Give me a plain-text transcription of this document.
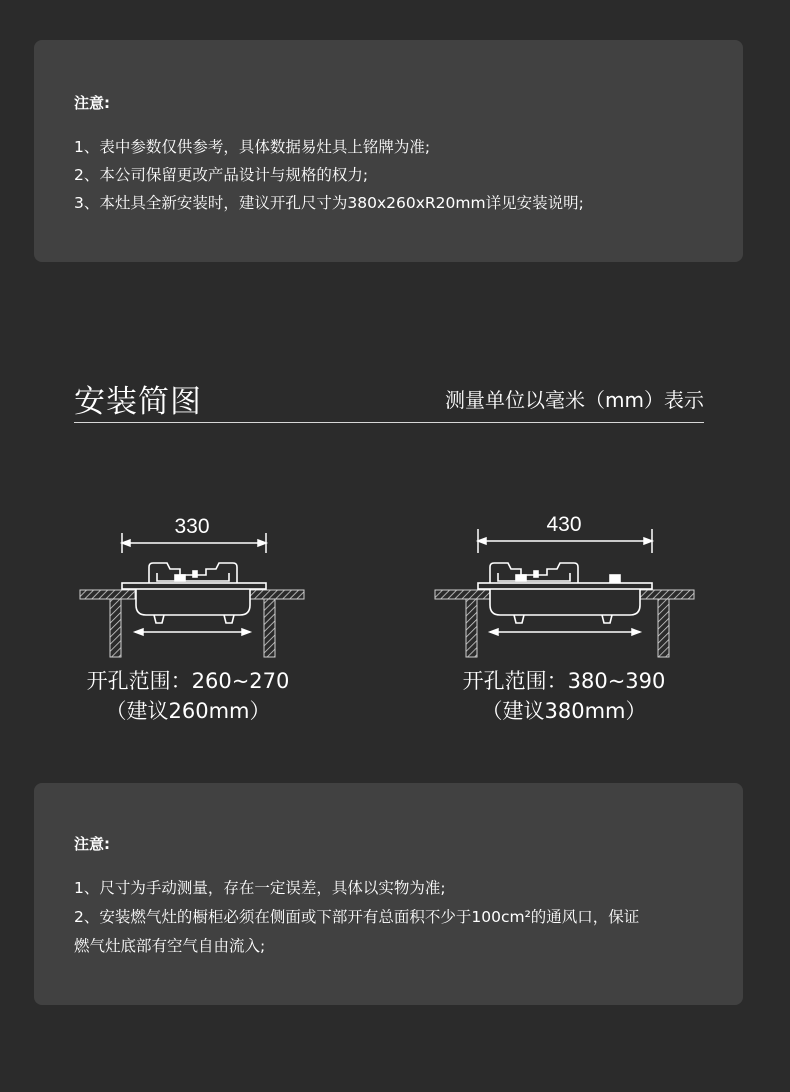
注意:

1、表中参数仅供参考，具体数据易灶具上铭牌为准;

2、本公司保留更改产品设计与规格的权力;

3、本灶具全新安装时，建议开孔尺寸为380x260xR20mm详见安装说明;

安装简图	测量单位以毫米（mm）表示
330	430
开孔范围：260~270
（建议260mm）
开孔范围：380~390
（建议380mm）

注意:

1、尺寸为手动测量，存在一定误差，具体以实物为准;

2、安装燃气灶的橱柜必须在侧面或下部开有总面积不少于100cm²的通风口，保证

燃气灶底部有空气自由流入;
